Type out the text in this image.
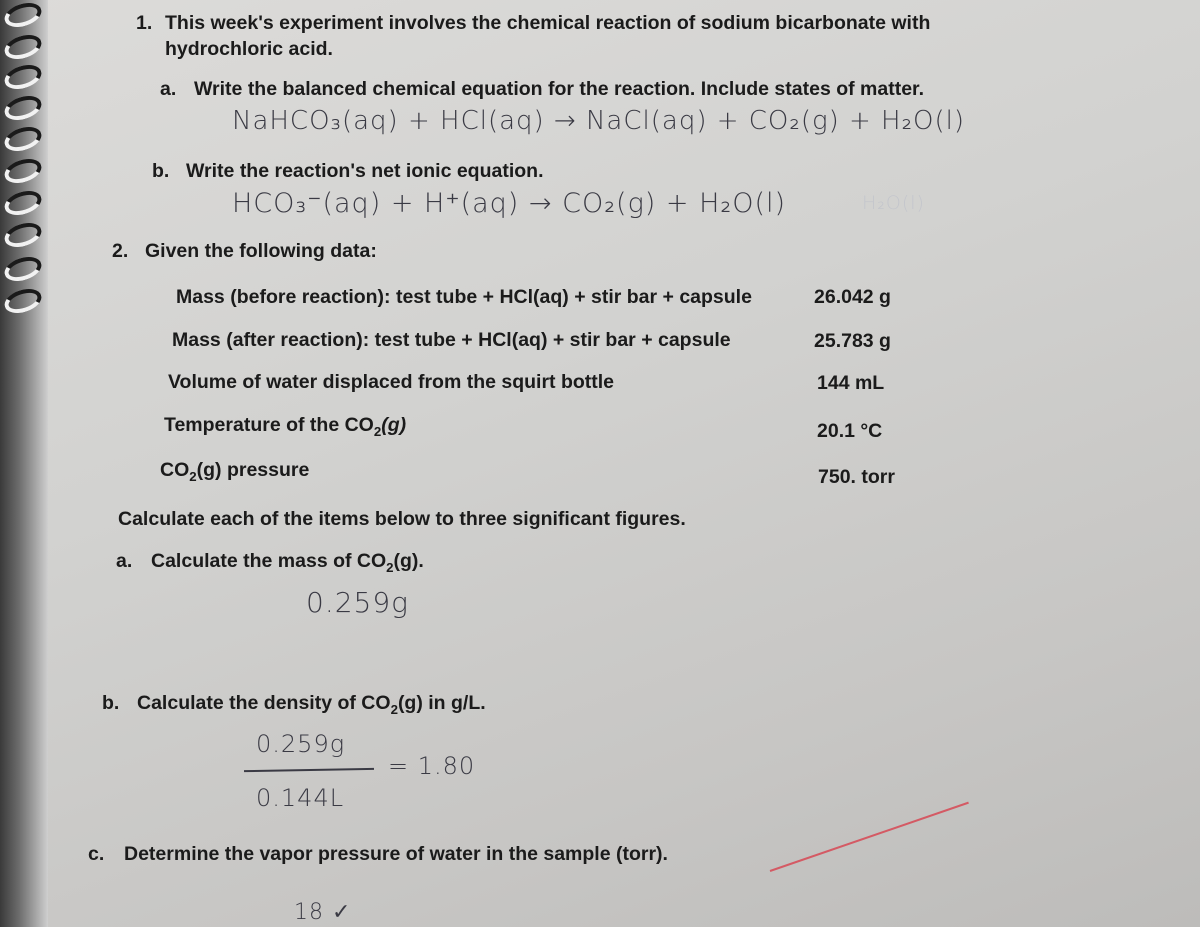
1. This week's experiment involves the chemical reaction of sodium bicarbonate with
hydrochloric acid.
a. Write the balanced chemical equation for the reaction. Include states of matter.
NaHCO₃(aq) + HCl(aq) → NaCl(aq) + CO₂(g) + H₂O(l)
b. Write the reaction's net ionic equation.
HCO₃⁻(aq) + H⁺(aq) → CO₂(g) + H₂O(l)	H₂O(l)
2. Given the following data:
Mass (before reaction): test tube + HCl(aq) + stir bar + capsule	26.042 g
Mass (after reaction): test tube + HCl(aq) + stir bar + capsule	25.783 g
Volume of water displaced from the squirt bottle	144 mL
Temperature of the $CO_2(g)$	20.1 °C
$CO_2(g)$ pressure	750. torr
Calculate each of the items below to three significant figures.
a. Calculate the mass of $CO_2(g)$.
0.259g
b. Calculate the density of $CO_2(g)$ in g/L.
0.259g
= 1.80
0.144L
c. Determine the vapor pressure of water in the sample (torr).
18 ✓
